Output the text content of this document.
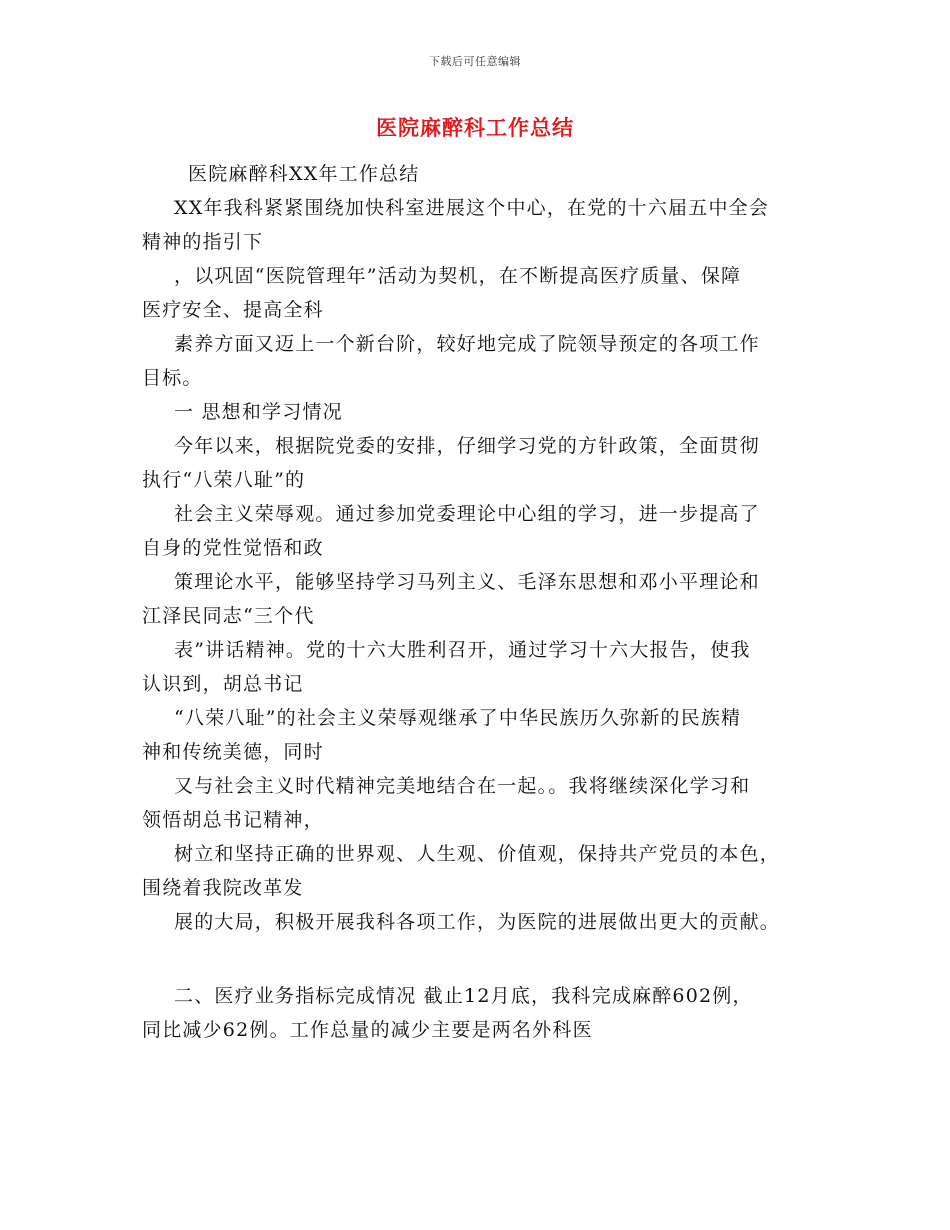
下载后可任意编辑
医院麻醉科工作总结

医院麻醉科XX年工作总结

XX年我科紧紧围绕加快科室进展这个中心，在党的十六届五中全会

精神的指引下

，以巩固“医院管理年”活动为契机，在不断提高医疗质量、保障

医疗安全、提高全科

素养方面又迈上一个新台阶，较好地完成了院领导预定的各项工作

目标。

一 思想和学习情况

今年以来，根据院党委的安排，仔细学习党的方针政策，全面贯彻

执行“八荣八耻”的

社会主义荣辱观。通过参加党委理论中心组的学习，进一步提高了

自身的党性觉悟和政

策理论水平，能够坚持学习马列主义、毛泽东思想和邓小平理论和

江泽民同志“三个代

表”讲话精神。党的十六大胜利召开，通过学习十六大报告，使我

认识到，胡总书记

“八荣八耻”的社会主义荣辱观继承了中华民族历久弥新的民族精

神和传统美德，同时

又与社会主义时代精神完美地结合在一起。。我将继续深化学习和

领悟胡总书记精神，

树立和坚持正确的世界观、人生观、价值观，保持共产党员的本色，

围绕着我院改革发

展的大局，积极开展我科各项工作，为医院的进展做出更大的贡献。

二、医疗业务指标完成情况 截止12月底，我科完成麻醉602例，

同比减少62例。工作总量的减少主要是两名外科医
